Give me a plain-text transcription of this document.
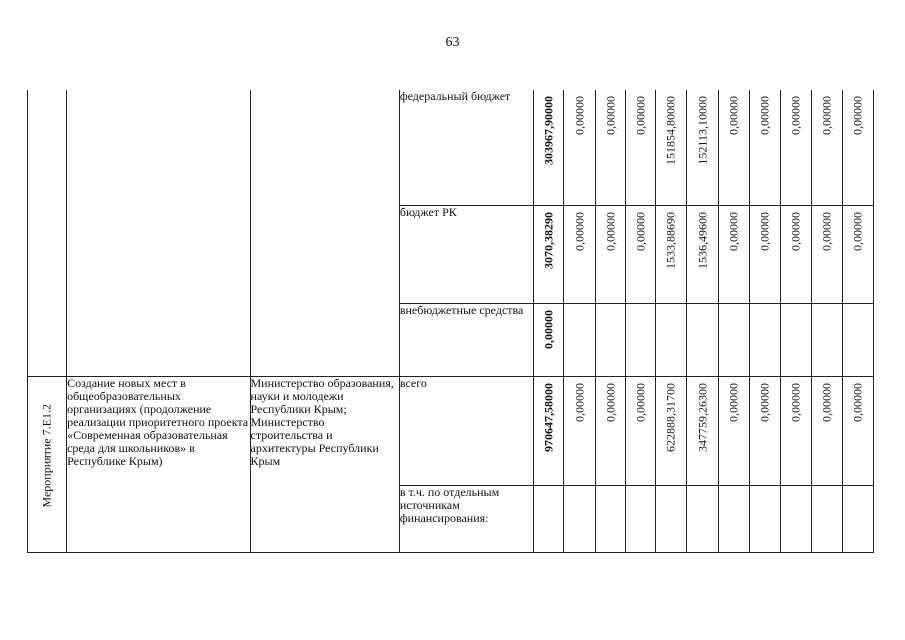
63
			федеральный бюджет	303967,90000	0,00000	0,00000	0,00000	151854,80000	152113,10000	0,00000	0,00000	0,00000	0,00000	0,00000

			бюджет РК	3070,38290	0,00000	0,00000	0,00000	1533,88690	1536,49600	0,00000	0,00000	0,00000	0,00000	0,00000

			внебюджетные средства	0,00000										

Мероприятие 7.Е1.2	Создание новых мест в общеобразовательных организациях (продолжение реализации приоритетного проекта «Современная образовательная среда для школьников» в Республике Крым)	Министерство образования, науки и молодежи Республики Крым; Министерство строительства и архитектуры Республики Крым	всего	970647,58000	0,00000	0,00000	0,00000	622888,31700	347759,26300	0,00000	0,00000	0,00000	0,00000	0,00000

			в т.ч. по отдельным источникам финансирования:											
